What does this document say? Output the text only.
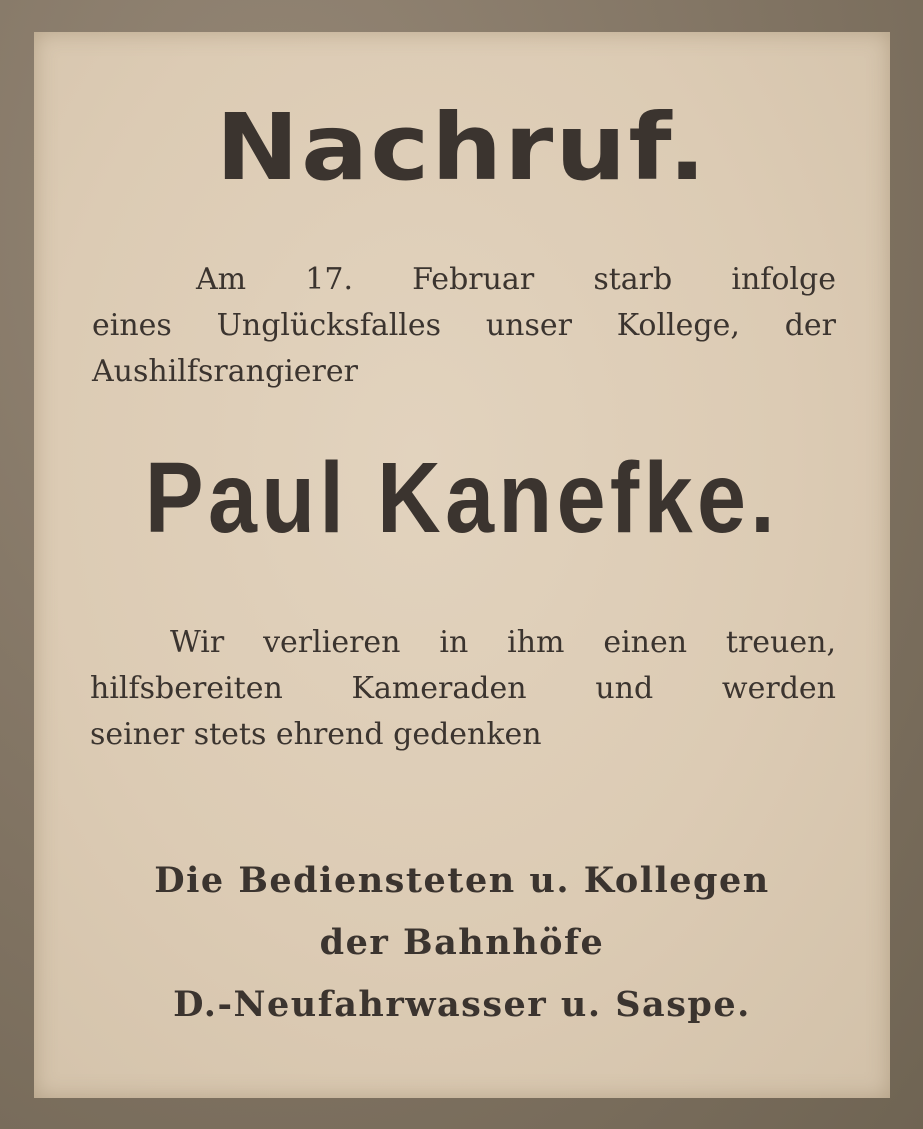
Nachruf.
Am 17. Februar starb infolge
eines Unglücksfalles unser Kollege, der
Aushilfsrangierer
Paul Kanefke.
Wir verlieren in ihm einen treuen,
hilfsbereiten Kameraden und werden
seiner stets ehrend gedenken
Die Bediensteten u. Kollegen
der Bahnhöfe
D.-Neufahrwasser u. Saspe.
